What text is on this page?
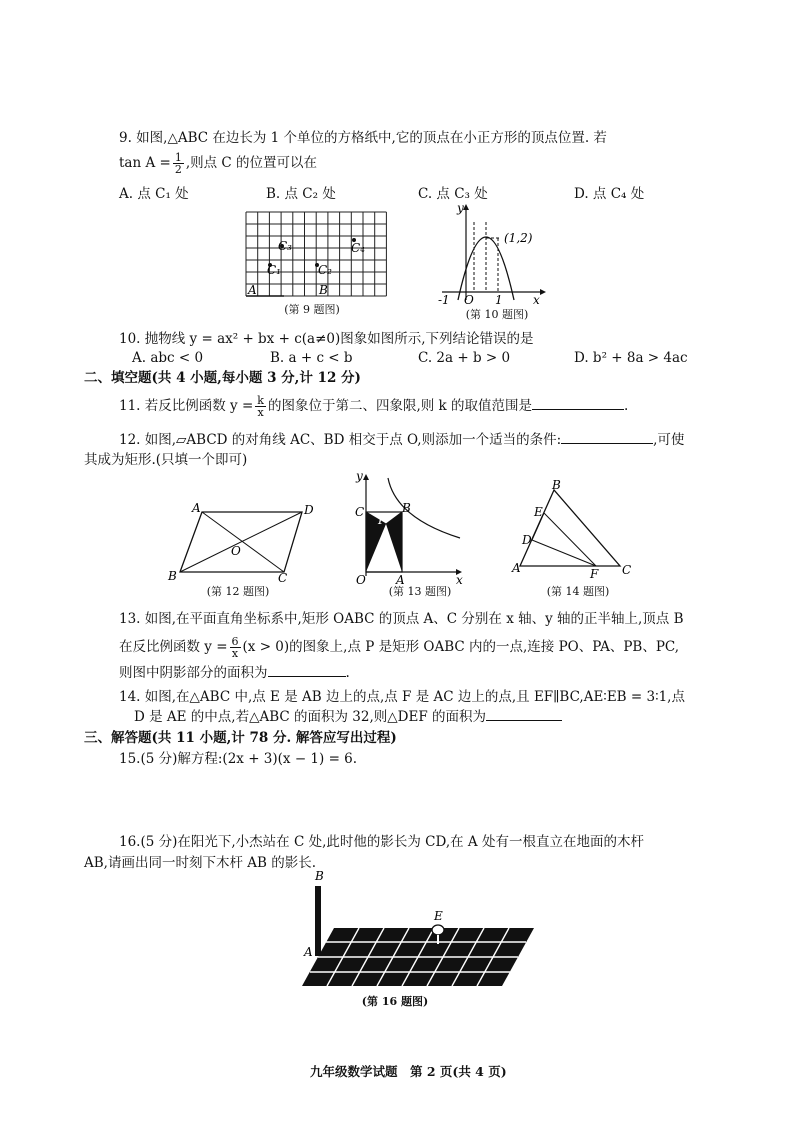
9. 如图,△ABC 在边长为 1 个单位的方格纸中,它的顶点在小正方形的顶点位置. 若
$\tan A = \frac{1}{2}$ ,则点 C 的位置可以在
A. 点 C₁ 处	B. 点 C₂ 处	C. 点 C₃ 处	D. 点 C₄ 处
A	B
C₃
C₁	C₂
C₄
(第 9 题图)
y
x
-1 O 1
(1,2)
(第 10 题图)
10. 抛物线 y = ax² + bx + c(a≠0)图象如图所示,下列结论错误的是
A. abc < 0	B. a + c < b	C. 2a + b > 0	D. b² + 8a > 4ac
二、填空题(共 4 小题,每小题 3 分,计 12 分)
11. 若反比例函数 $y = \frac{k}{x}$ 的图象位于第二、四象限,则 k 的取值范围是	.
12. 如图,▱ABCD 的对角线 AC、BD 相交于点 O,则添加一个适当的条件:	,可使
其成为矩形.(只填一个即可)
A	D
B	C
O
(第 12 题图)
y
x
O	A
C	B
P
(第 13 题图)
B
E
D
A	F C
(第 14 题图)
13. 如图,在平面直角坐标系中,矩形 OABC 的顶点 A、C 分别在 x 轴、y 轴的正半轴上,顶点 B
在反比例函数 $y = \frac{6}{x} (x > 0)$的图象上,点 P 是矩形 OABC 内的一点,连接 PO、PA、PB、PC,
则图中阴影部分的面积为	.
14. 如图,在△ABC 中,点 E 是 AB 边上的点,点 F 是 AC 边上的点,且 EF∥BC,AE∶EB = 3∶1,点
D 是 AE 的中点,若△ABC 的面积为 32,则△DEF 的面积为
三、解答题(共 11 小题,计 78 分. 解答应写出过程)
15.(5 分)解方程:(2x + 3)(x − 1) = 6.
16.(5 分)在阳光下,小杰站在 C 处,此时他的影长为 CD,在 A 处有一根直立在地面的木杆
AB,请画出同一时刻下木杆 AB 的影长.
B
A
E
(第 16 题图)
九年级数学试题　第 2 页(共 4 页)
